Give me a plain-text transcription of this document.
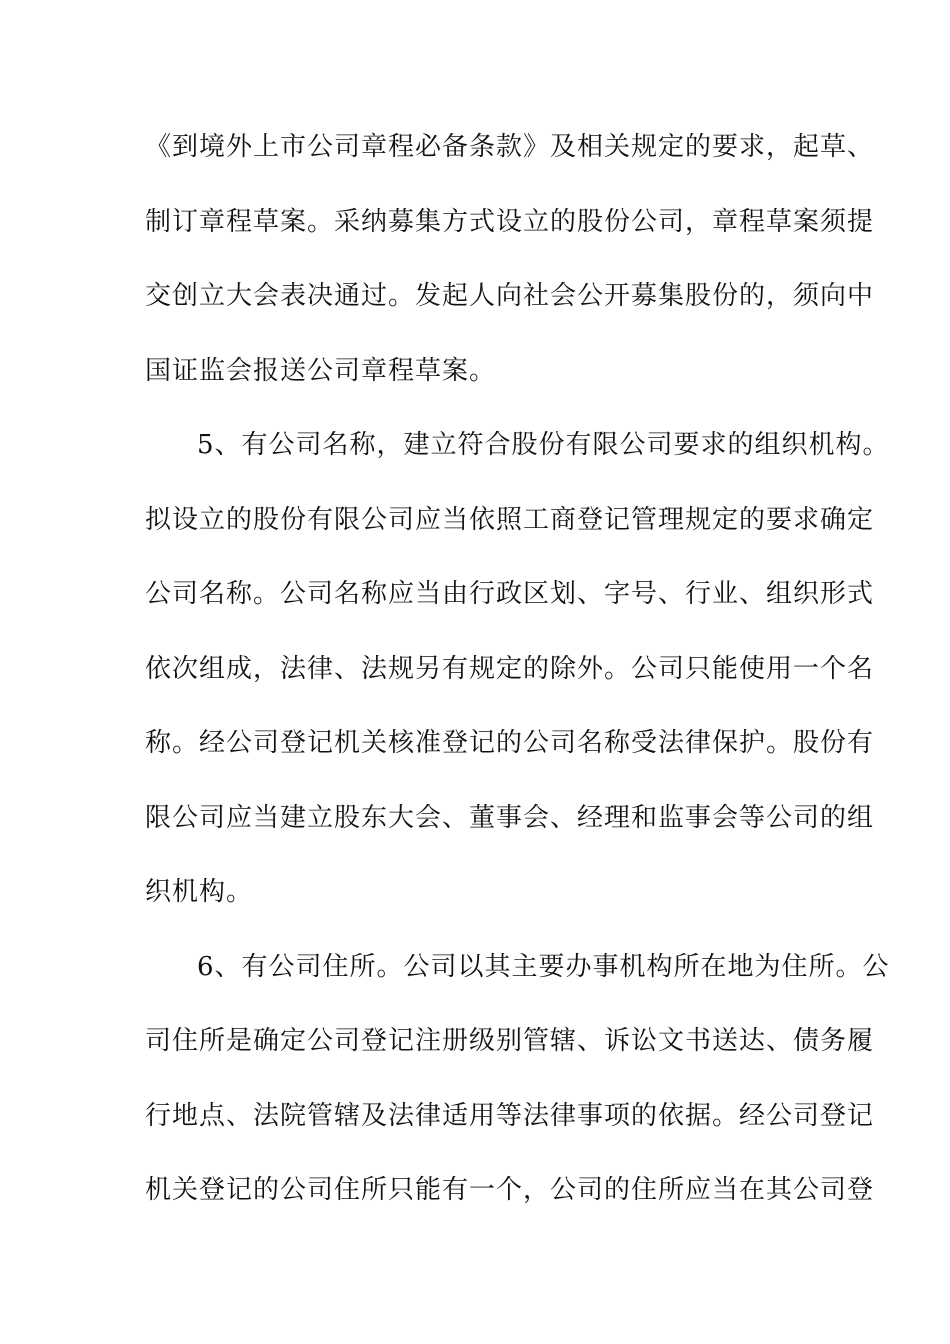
《到境外上市公司章程必备条款》及相关规定的要求，起草、
制订章程草案。采纳募集方式设立的股份公司，章程草案须提
交创立大会表决通过。发起人向社会公开募集股份的，须向中
国证监会报送公司章程草案。
5、有公司名称，建立符合股份有限公司要求的组织机构。
拟设立的股份有限公司应当依照工商登记管理规定的要求确定
公司名称。公司名称应当由行政区划、字号、行业、组织形式
依次组成，法律、法规另有规定的除外。公司只能使用一个名
称。经公司登记机关核准登记的公司名称受法律保护。股份有
限公司应当建立股东大会、董事会、经理和监事会等公司的组
织机构。
6、有公司住所。公司以其主要办事机构所在地为住所。公
司住所是确定公司登记注册级别管辖、诉讼文书送达、债务履
行地点、法院管辖及法律适用等法律事项的依据。经公司登记
机关登记的公司住所只能有一个，公司的住所应当在其公司登
